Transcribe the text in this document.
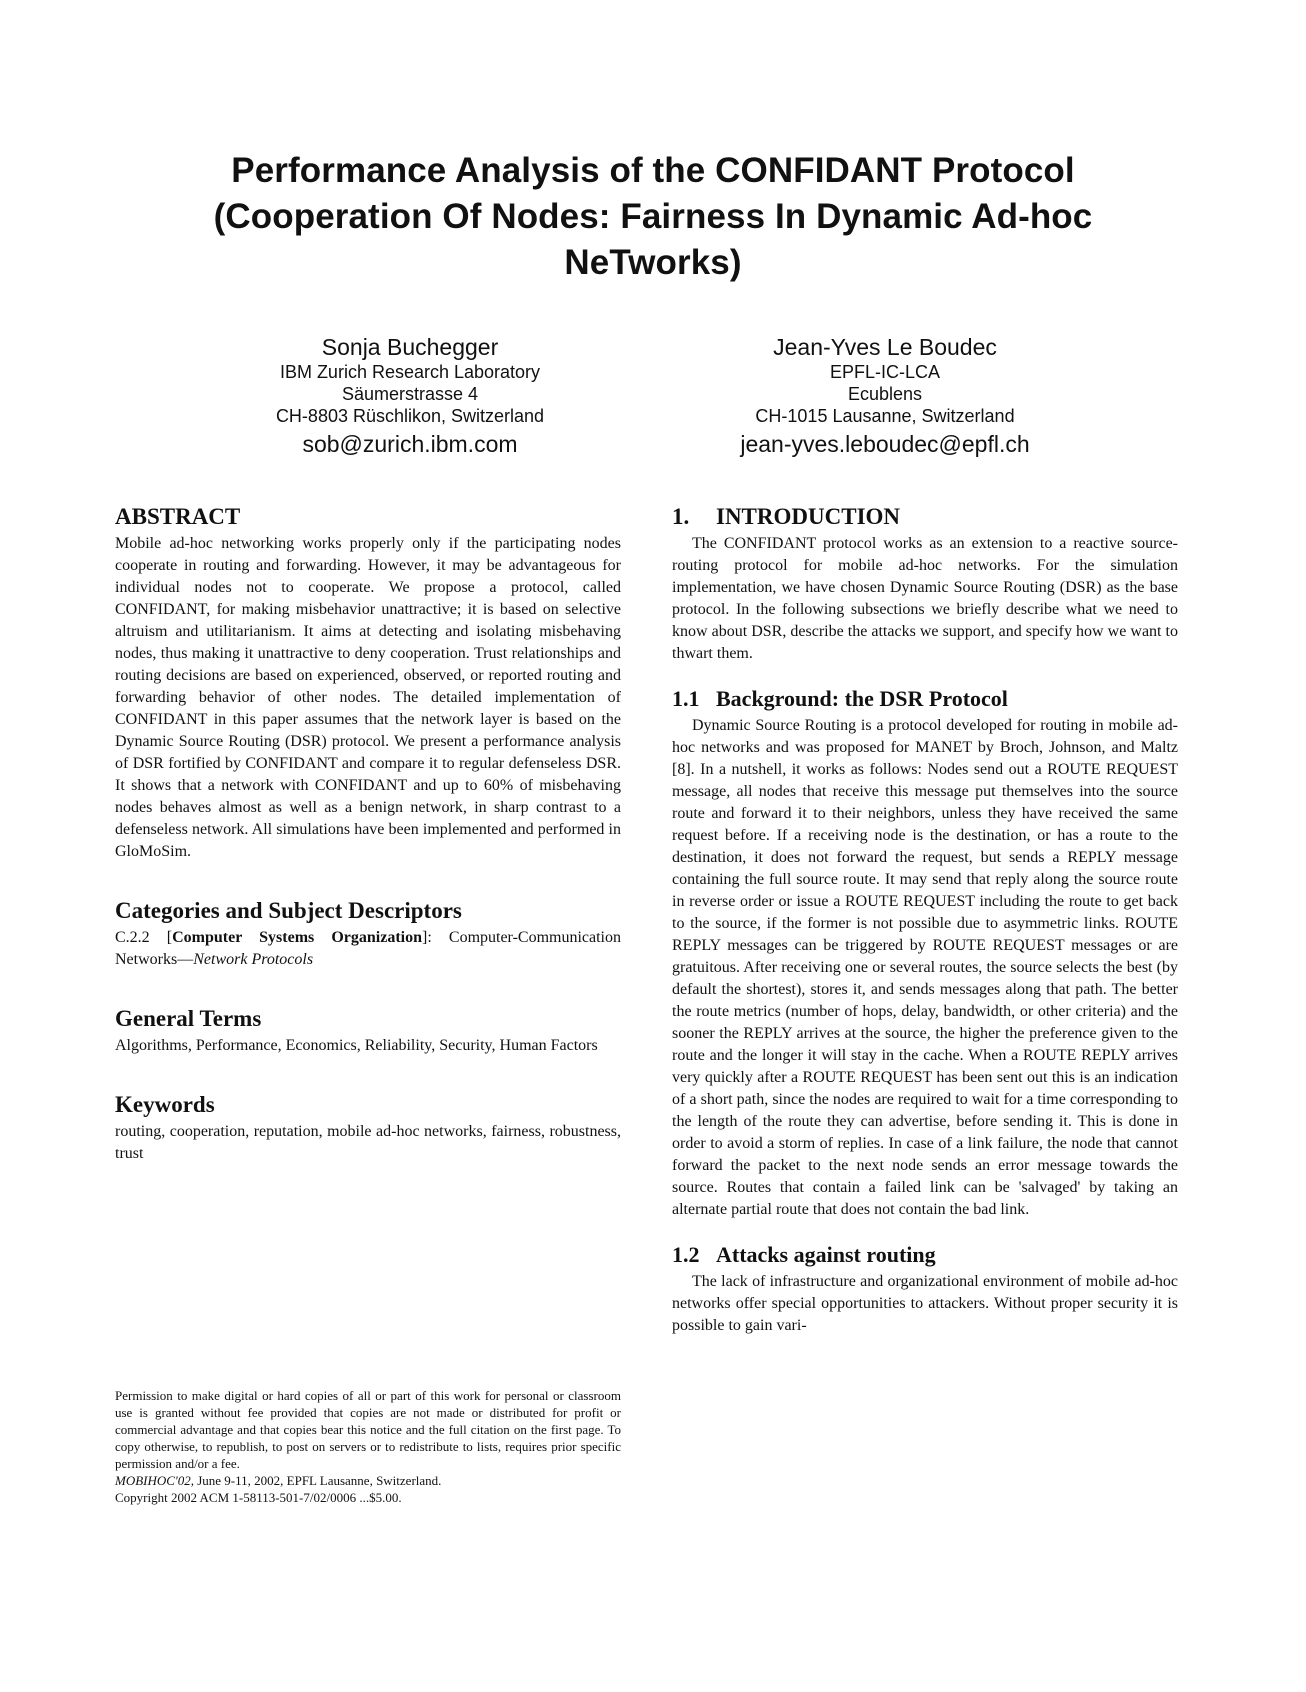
Performance Analysis of the CONFIDANT Protocol
(Cooperation Of Nodes: Fairness In Dynamic Ad-hoc
NeTworks)
Sonja Buchegger
IBM Zurich Research Laboratory
Säumerstrasse 4
CH-8803 Rüschlikon, Switzerland
sob@zurich.ibm.com
Jean-Yves Le Boudec
EPFL-IC-LCA
Ecublens
CH-1015 Lausanne, Switzerland
jean-yves.leboudec@epfl.ch
ABSTRACT

Mobile ad-hoc networking works properly only if the participating nodes cooperate in routing and forwarding. However, it may be advantageous for individual nodes not to cooperate. We propose a protocol, called CONFIDANT, for making misbehavior unattractive; it is based on selective altruism and utilitarianism. It aims at detecting and isolating misbehaving nodes, thus making it unattractive to deny cooperation. Trust relationships and routing decisions are based on experienced, observed, or reported routing and forwarding behavior of other nodes. The detailed implementation of CONFIDANT in this paper assumes that the network layer is based on the Dynamic Source Routing (DSR) protocol. We present a performance analysis of DSR fortified by CONFIDANT and compare it to regular defenseless DSR. It shows that a network with CONFIDANT and up to 60% of misbehaving nodes behaves almost as well as a benign network, in sharp contrast to a defenseless network. All simulations have been implemented and performed in GloMoSim.

Categories and Subject Descriptors

C.2.2 [Computer Systems Organization]: Computer-Communication Networks—Network Protocols

General Terms

Algorithms, Performance, Economics, Reliability, Security, Human Factors

Keywords

routing, cooperation, reputation, mobile ad-hoc networks, fairness, robustness, trust

Permission to make digital or hard copies of all or part of this work for personal or classroom use is granted without fee provided that copies are not made or distributed for profit or commercial advantage and that copies bear this notice and the full citation on the first page. To copy otherwise, to republish, to post on servers or to redistribute to lists, requires prior specific permission and/or a fee.

MOBIHOC'02, June 9-11, 2002, EPFL Lausanne, Switzerland.

Copyright 2002 ACM 1-58113-501-7/02/0006 ...$5.00.

1. INTRODUCTION

The CONFIDANT protocol works as an extension to a reactive source-routing protocol for mobile ad-hoc networks. For the simulation implementation, we have chosen Dynamic Source Routing (DSR) as the base protocol. In the following subsections we briefly describe what we need to know about DSR, describe the attacks we support, and specify how we want to thwart them.

1.1 Background: the DSR Protocol

Dynamic Source Routing is a protocol developed for routing in mobile ad-hoc networks and was proposed for MANET by Broch, Johnson, and Maltz [8]. In a nutshell, it works as follows: Nodes send out a ROUTE REQUEST message, all nodes that receive this message put themselves into the source route and forward it to their neighbors, unless they have received the same request before. If a receiving node is the destination, or has a route to the destination, it does not forward the request, but sends a REPLY message containing the full source route. It may send that reply along the source route in reverse order or issue a ROUTE REQUEST including the route to get back to the source, if the former is not possible due to asymmetric links. ROUTE REPLY messages can be triggered by ROUTE REQUEST messages or are gratuitous. After receiving one or several routes, the source selects the best (by default the shortest), stores it, and sends messages along that path. The better the route metrics (number of hops, delay, bandwidth, or other criteria) and the sooner the REPLY arrives at the source, the higher the preference given to the route and the longer it will stay in the cache. When a ROUTE REPLY arrives very quickly after a ROUTE REQUEST has been sent out this is an indication of a short path, since the nodes are required to wait for a time corresponding to the length of the route they can advertise, before sending it. This is done in order to avoid a storm of replies. In case of a link failure, the node that cannot forward the packet to the next node sends an error message towards the source. Routes that contain a failed link can be 'salvaged' by taking an alternate partial route that does not contain the bad link.

1.2 Attacks against routing

The lack of infrastructure and organizational environment of mobile ad-hoc networks offer special opportunities to attackers. Without proper security it is possible to gain vari-
